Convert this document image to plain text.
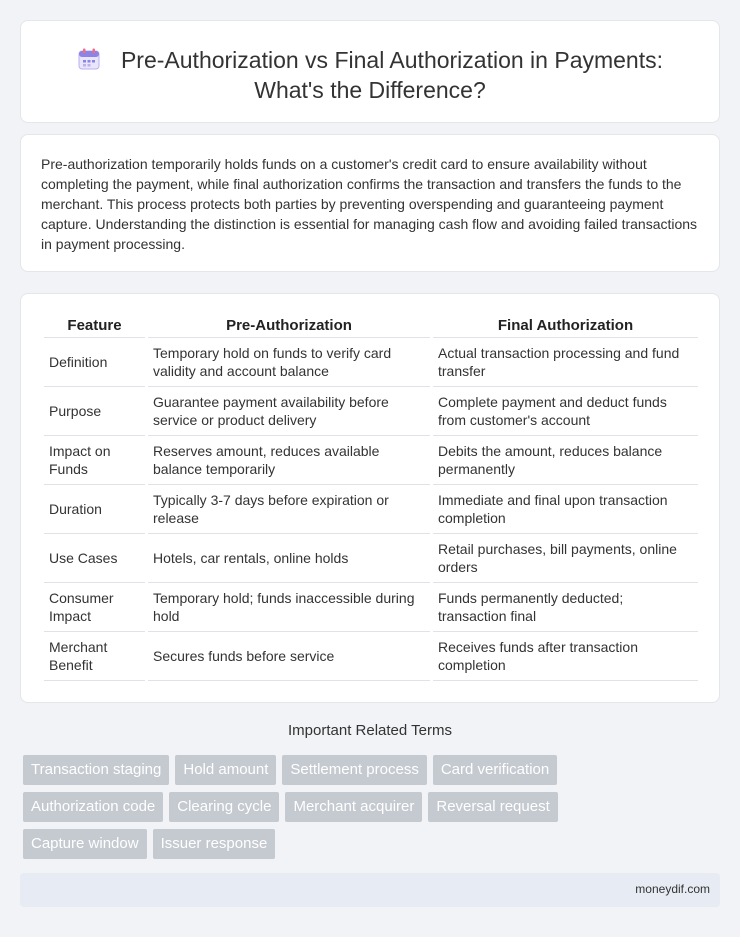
Pre-Authorization vs Final Authorization in Payments:
What's the Difference?

Pre-authorization temporarily holds funds on a customer's credit card to ensure availability without completing the payment, while final authorization confirms the transaction and transfers the funds to the merchant. This process protects both parties by preventing overspending and guaranteeing payment capture. Understanding the distinction is essential for managing cash flow and avoiding failed transactions in payment processing.

Feature	Pre-Authorization	Final Authorization
Definition	Temporary hold on funds to verify card validity and account balance	Actual transaction processing and fund transfer
Purpose	Guarantee payment availability before service or product delivery	Complete payment and deduct funds from customer's account
Impact on Funds	Reserves amount, reduces available balance temporarily	Debits the amount, reduces balance permanently
Duration	Typically 3-7 days before expiration or release	Immediate and final upon transaction completion
Use Cases	Hotels, car rentals, online holds	Retail purchases, bill payments, online orders
Consumer Impact	Temporary hold; funds inaccessible during hold	Funds permanently deducted; transaction final
Merchant Benefit	Secures funds before service	Receives funds after transaction completion
Important Related Terms
Transaction staging	Hold amount	Settlement process	Card verification
Authorization code	Clearing cycle	Merchant acquirer	Reversal request
Capture window	Issuer response
moneydif.com
